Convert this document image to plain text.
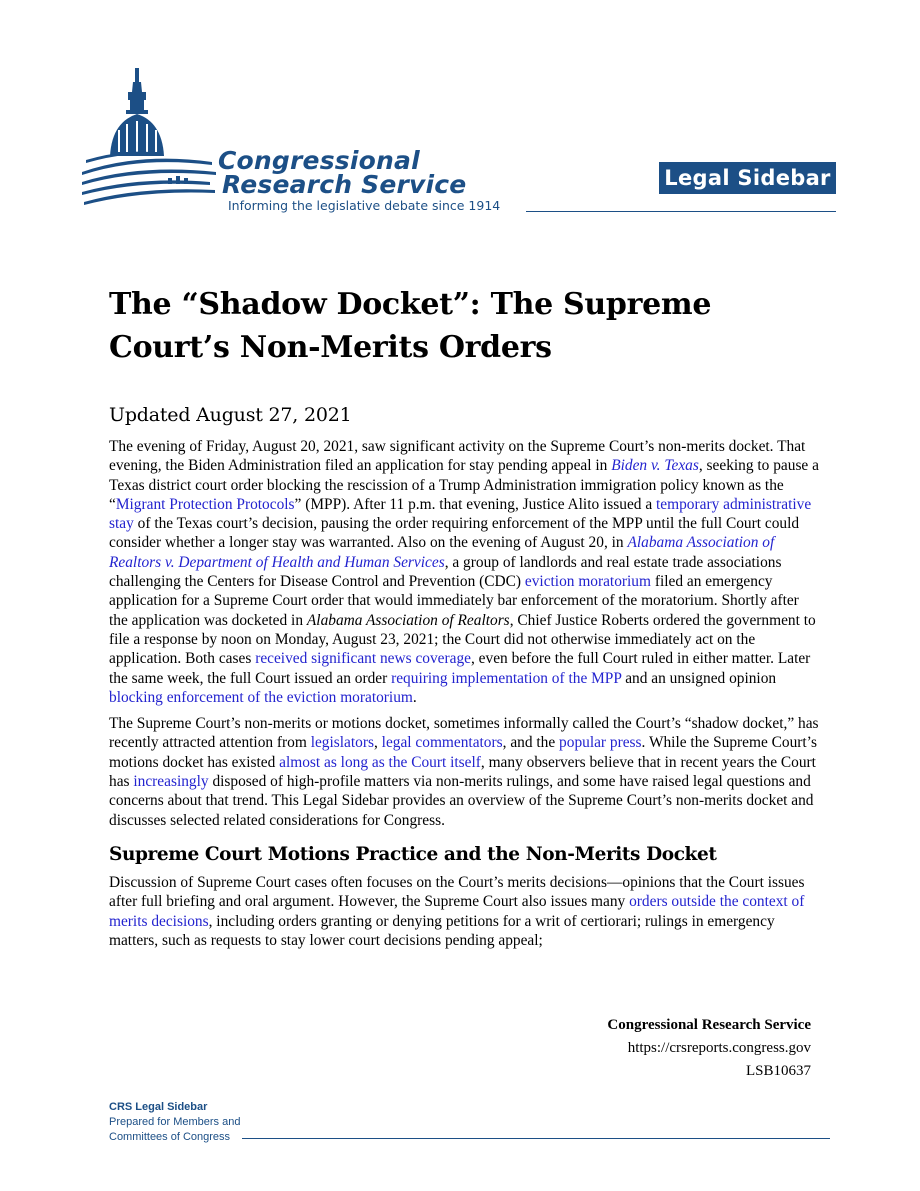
Congressional
Research Service
Informing the legislative debate since 1914
Legal Sidebar
The “Shadow Docket”: The Supreme Court’s Non-Merits Orders
Updated August 27, 2021

The evening of Friday, August 20, 2021, saw significant activity on the Supreme Court’s non-merits docket. That evening, the Biden Administration filed an application for stay pending appeal in Biden v. Texas, seeking to pause a Texas district court order blocking the rescission of a Trump Administration immigration policy known as the “Migrant Protection Protocols” (MPP). After 11 p.m. that evening, Justice Alito issued a temporary administrative stay of the Texas court’s decision, pausing the order requiring enforcement of the MPP until the full Court could consider whether a longer stay was warranted. Also on the evening of August 20, in Alabama Association of Realtors v. Department of Health and Human Services, a group of landlords and real estate trade associations challenging the Centers for Disease Control and Prevention (CDC) eviction moratorium filed an emergency application for a Supreme Court order that would immediately bar enforcement of the moratorium. Shortly after the application was docketed in Alabama Association of Realtors, Chief Justice Roberts ordered the government to file a response by noon on Monday, August 23, 2021; the Court did not otherwise immediately act on the application. Both cases received significant news coverage, even before the full Court ruled in either matter. Later the same week, the full Court issued an order requiring implementation of the MPP and an unsigned opinion blocking enforcement of the eviction moratorium.

The Supreme Court’s non-merits or motions docket, sometimes informally called the Court’s “shadow docket,” has recently attracted attention from legislators, legal commentators, and the popular press. While the Supreme Court’s motions docket has existed almost as long as the Court itself, many observers believe that in recent years the Court has increasingly disposed of high-profile matters via non-merits rulings, and some have raised legal questions and concerns about that trend. This Legal Sidebar provides an overview of the Supreme Court’s non-merits docket and discusses selected related considerations for Congress.

Supreme Court Motions Practice and the Non-Merits Docket

Discussion of Supreme Court cases often focuses on the Court’s merits decisions—opinions that the Court issues after full briefing and oral argument. However, the Supreme Court also issues many orders outside the context of merits decisions, including orders granting or denying petitions for a writ of certiorari; rulings in emergency matters, such as requests to stay lower court decisions pending appeal;

Congressional Research Service
https://crsreports.congress.gov
LSB10637
CRS Legal Sidebar
Prepared for Members and
Committees of Congress
